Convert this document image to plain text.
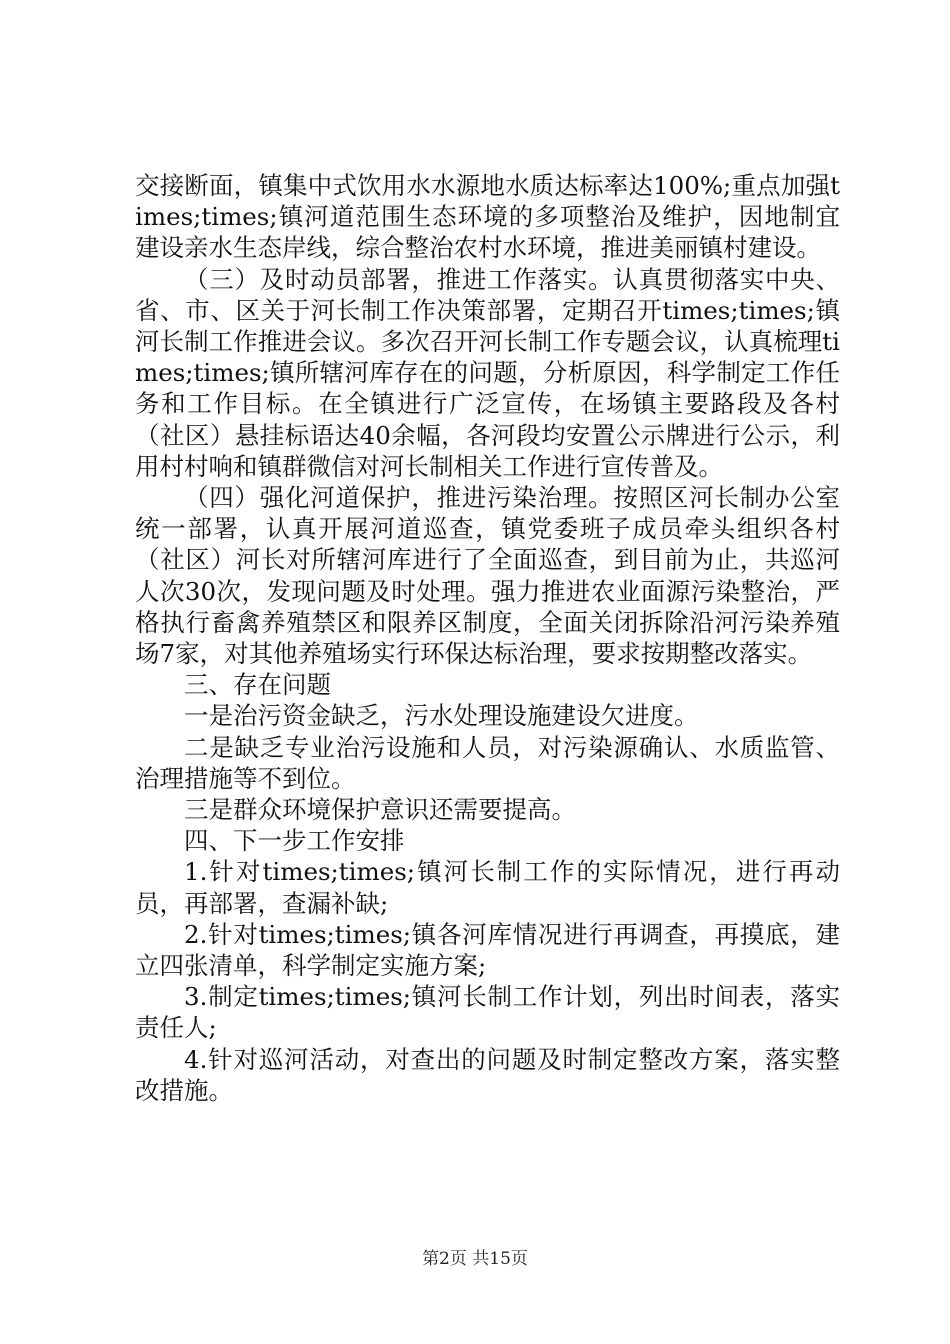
交接断面，镇集中式饮用水水源地水质达标率达100%;重点加强times;times;镇河道范围生态环境的多项整治及维护，因地制宜建设亲水生态岸线，综合整治农村水环境，推进美丽镇村建设。

（三）及时动员部署，推进工作落实。认真贯彻落实中央、省、市、区关于河长制工作决策部署，定期召开times;times;镇河长制工作推进会议。多次召开河长制工作专题会议，认真梳理times;times;镇所辖河库存在的问题，分析原因，科学制定工作任务和工作目标。在全镇进行广泛宣传，在场镇主要路段及各村（社区）悬挂标语达40余幅，各河段均安置公示牌进行公示，利用村村响和镇群微信对河长制相关工作进行宣传普及。

（四）强化河道保护，推进污染治理。按照区河长制办公室统一部署，认真开展河道巡查，镇党委班子成员牵头组织各村（社区）河长对所辖河库进行了全面巡查，到目前为止，共巡河人次30次，发现问题及时处理。强力推进农业面源污染整治，严格执行畜禽养殖禁区和限养区制度，全面关闭拆除沿河污染养殖场7家，对其他养殖场实行环保达标治理，要求按期整改落实。

三、存在问题

一是治污资金缺乏，污水处理设施建设欠进度。

二是缺乏专业治污设施和人员，对污染源确认、水质监管、治理措施等不到位。

三是群众环境保护意识还需要提高。

四、下一步工作安排

1.针对times;times;镇河长制工作的实际情况，进行再动员，再部署，查漏补缺;

2.针对times;times;镇各河库情况进行再调查，再摸底，建立四张清单，科学制定实施方案;

3.制定times;times;镇河长制工作计划，列出时间表，落实责任人;

4.针对巡河活动，对查出的问题及时制定整改方案，落实整改措施。

第2页 共15页
